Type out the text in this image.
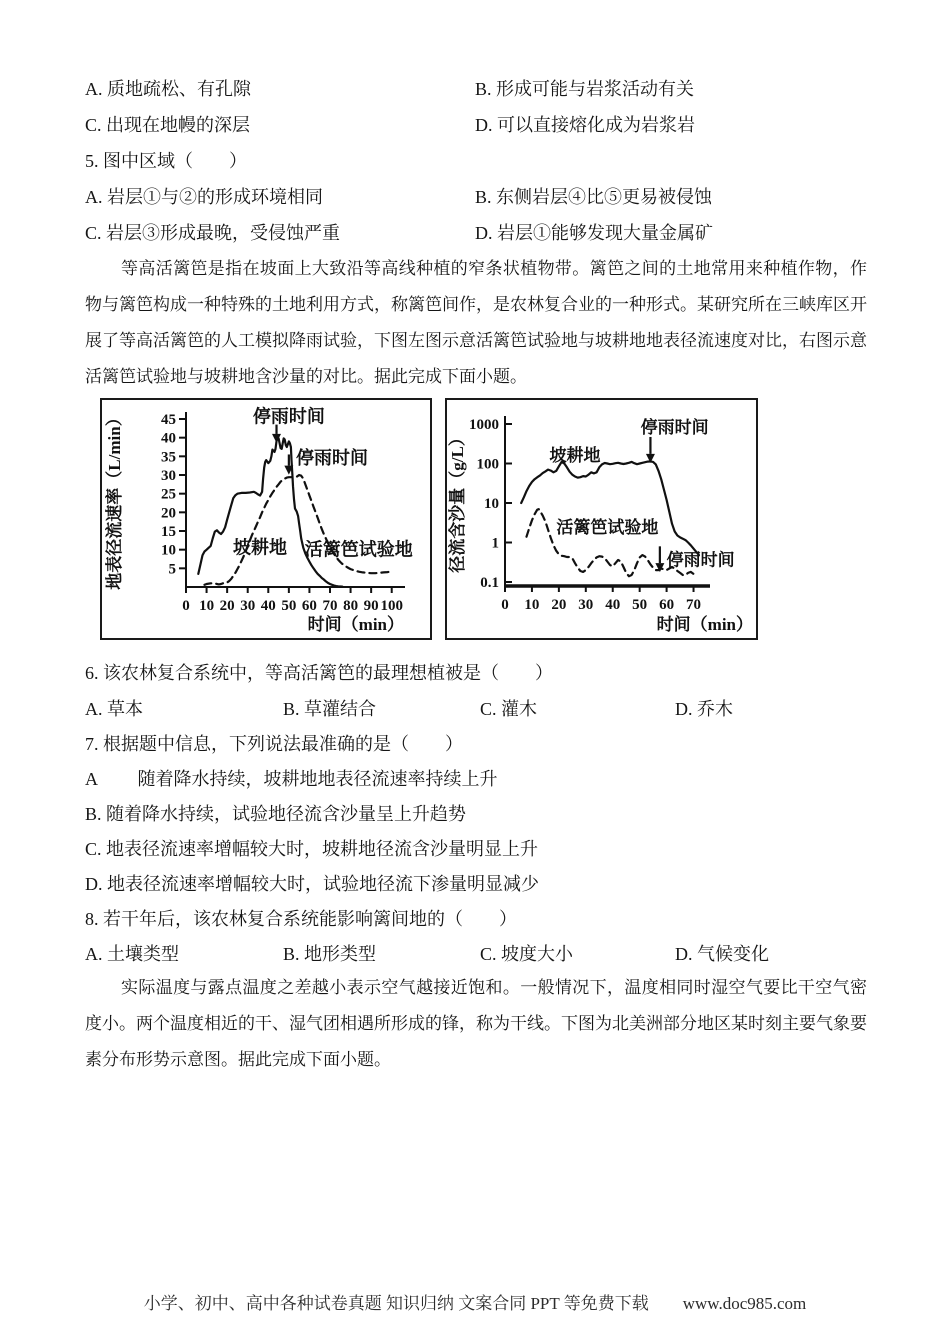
A. 质地疏松、有孔隙	B. 形成可能与岩浆活动有关
C. 出现在地幔的深层	D. 可以直接熔化成为岩浆岩
5. 图中区域（　　）
A. 岩层①与②的形成环境相同	B. 东侧岩层④比⑤更易被侵蚀
C. 岩层③形成最晚，受侵蚀严重	D. 岩层①能够发现大量金属矿

等高活篱笆是指在坡面上大致沿等高线种植的窄条状植物带。篱笆之间的土地常用来种植作物，作物与篱笆构成一种特殊的土地利用方式，称篱笆间作，是农林复合业的一种形式。某研究所在三峡库区开展了等高活篱笆的人工模拟降雨试验，下图左图示意活篱笆试验地与坡耕地地表径流速度对比，右图示意活篱笆试验地与坡耕地含沙量的对比。据此完成下面小题。

0 10 20 30 40 50 60 70 80 90 100
5
10
15
20
25
30
35
40
45
时间（min）
地表径流速率（L/min）	停雨时间
停雨时间
坡耕地 活篱笆试验地
0 10 20 30 40 50 60 70
0.1
1
10
100
1000
时间（min）
径流含沙量（g/L）	坡耕地
停雨时间
活篱笆试验地
停雨时间
6. 该农林复合系统中，等高活篱笆的最理想植被是（　　）
A. 草本	B. 草灌结合	C. 灌木	D. 乔木
7. 根据题中信息，下列说法最准确的是（　　）
A　　 随着降水持续，坡耕地地表径流速率持续上升
B. 随着降水持续，试验地径流含沙量呈上升趋势
C. 地表径流速率增幅较大时，坡耕地径流含沙量明显上升
D. 地表径流速率增幅较大时，试验地径流下渗量明显减少
8. 若干年后，该农林复合系统能影响篱间地的（　　）
A. 土壤类型	B. 地形类型	C. 坡度大小	D. 气候变化

实际温度与露点温度之差越小表示空气越接近饱和。一般情况下，温度相同时湿空气要比干空气密度小。两个温度相近的干、湿气团相遇所形成的锋，称为干线。下图为北美洲部分地区某时刻主要气象要素分布形势示意图。据此完成下面小题。

小学、初中、高中各种试卷真题 知识归纳 文案合同 PPT 等免费下载 www.doc985.com
